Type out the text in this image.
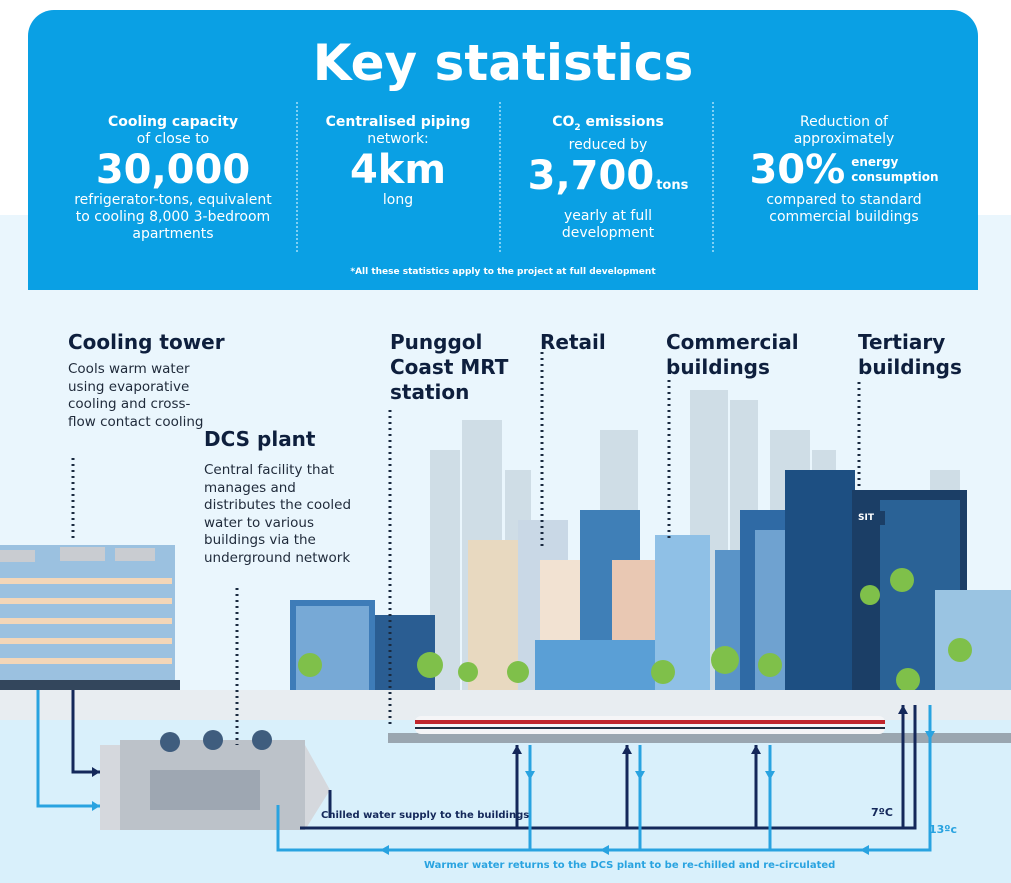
Key statistics
Cooling capacity
of close to
30,000
refrigerator-tons, equivalent to cooling 8,000 3-bedroom apartments
Centralised piping
network:
4km
long
$CO_2$ emissions
reduced by
3,700 tons
yearly at full development
Reduction of approximately
30% energy
consumption
compared to standard commercial buildings
*All these statistics apply to the project at full development
Cooling tower
Cools warm water using evaporative cooling and cross-flow contact cooling
DCS plant
Central facility that manages and distributes the cooled water to various buildings via the underground network
Punggol Coast MRT station
Retail	Commercial buildings
Tertiary buildings
SIT
Chilled water supply to the buildings
Warmer water returns to the DCS plant to be re-chilled and re-circulated
7ºC
13ºc
